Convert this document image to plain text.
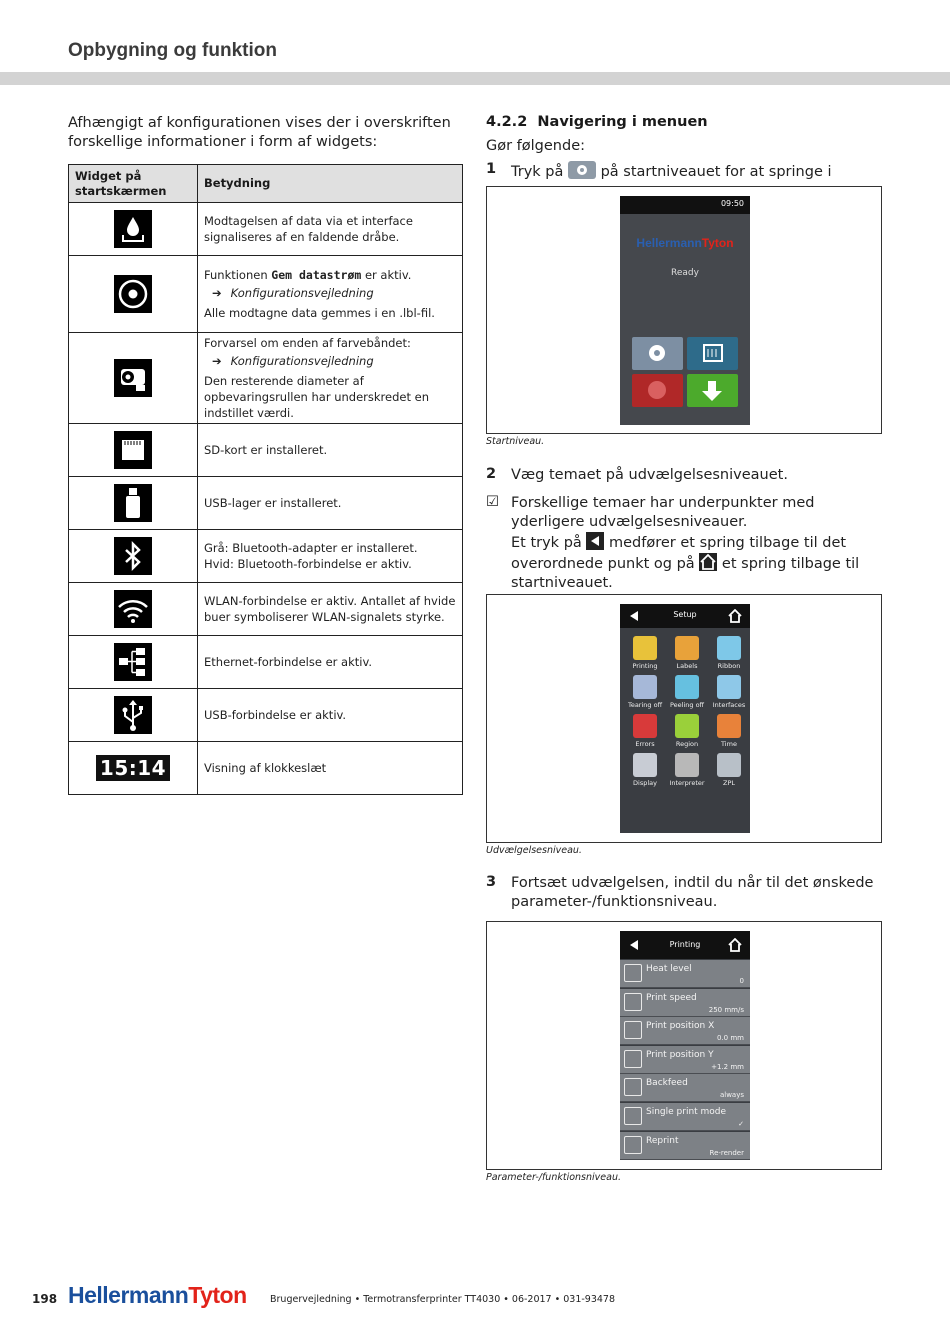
Opbygning og funktion
Afhængigt af konfigurationen vises der i overskriften forskellige informationer i form af widgets:
Widget på startskærmen	Betydning

	Modtagelsen af data via et interface signaliseres af en faldende dråbe.

Funktionen Gem datastrøm er aktiv.
➔ Konfigurationsvejledning
Alle modtagne data gemmes i en .lbl-fil.

Forvarsel om enden af farvebåndet:
➔ Konfigurationsvejledning
Den resterende diameter af opbevaringsrullen har underskredet en indstillet værdi.

	SD-kort er installeret.

	USB-lager er installeret.

Grå: Bluetooth-adapter er installeret.
Hvid: Bluetooth-forbindelse er aktiv.

	WLAN-forbindelse er aktiv. Antallet af hvide buer symboliserer WLAN-signalets styrke.

	Ethernet-forbindelse er aktiv.

	USB-forbindelse er aktiv.
15:14	Visning af klokkeslæt
4.2.2 Navigering i menuen
Gør følgende:
1 Tryk på	på startniveauet for at springe i
09:50
HellermannTyton
Ready
Startniveau.
2 Væg temaet på udvælgelsesniveauet.
☑ Forskellige temaer har underpunkter med yderligere udvælgelsesniveauer.
Et tryk på medfører et spring tilbage til det overordnede punkt og på et spring tilbage til startniveauet.
Setup
Printing	Labels	Ribbon
Tearing off	Peeling off	Interfaces
Errors	Region	Time
Display	Interpreter	ZPL
Udvælgelsesniveau.
3 Fortsæt udvælgelsen, indtil du når til det ønskede parameter-/funktionsniveau.
Printing
Heat level
0
Print speed
250 mm/s
Print position X
0.0 mm
Print position Y
+1.2 mm
Backfeed
always
Single print mode
✓
Reprint
Re-render
Parameter-/funktionsniveau.
198 HellermannTyton Brugervejledning • Termotransferprinter TT4030 • 06-2017 • 031-93478
